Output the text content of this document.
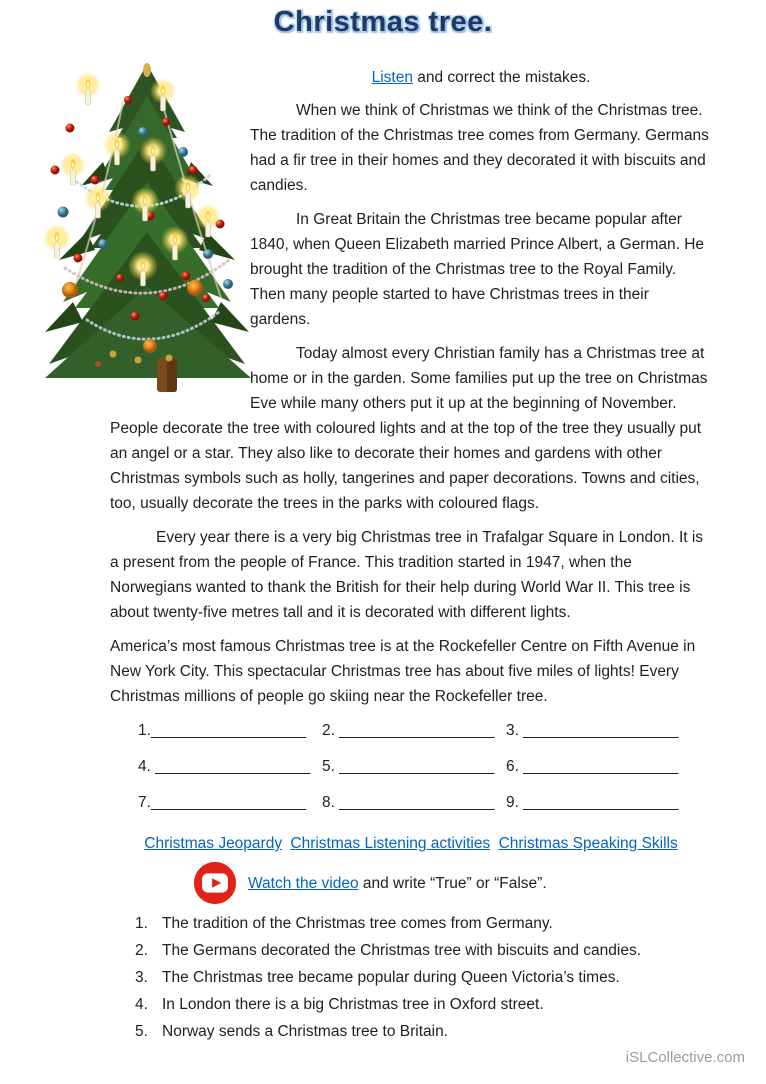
Christmas tree.

Listen and correct the mistakes.

When we think of Christmas we think of the Christmas tree. The tradition of the Christmas tree comes from Germany. Germans had a fir tree in their homes and they decorated it with biscuits and candies.

In Great Britain the Christmas tree became popular after 1840, when Queen Elizabeth married Prince Albert, a German. He brought the tradition of the Christmas tree to the Royal Family. Then many people started to have Christmas trees in their gardens.

Today almost every Christian family has a Christmas tree at home or in the garden. Some families put up the tree on Christmas Eve while many others put it up at the beginning of November. People decorate the tree with coloured lights and at the top of the tree they usually put an angel or a star. They also like to decorate their homes and gardens with other Christmas symbols such as holly, tangerines and paper decorations. Towns and cities, too, usually decorate the trees in the parks with coloured flags.

Every year there is a very big Christmas tree in Trafalgar Square in London. It is a present from the people of France. This tradition started in 1947, when the Norwegians wanted to thank the British for their help during World War II. This tree is about twenty-five metres tall and it is decorated with different lights.

America’s most famous Christmas tree is at the Rockefeller Centre on Fifth Avenue in New York City. This spectacular Christmas tree has about five miles of lights! Every Christmas millions of people go skiing near the Rockefeller tree.

1.__________________	2. __________________ 3. __________________
4. __________________ 5. __________________ 6. __________________
7.__________________	8. __________________ 9. __________________
Christmas Jeopardy Christmas Listening activities Christmas Speaking Skills
Watch the video and write “True” or “False”.
1. The tradition of the Christmas tree comes from Germany.
2. The Germans decorated the Christmas tree with biscuits and candies.
3. The Christmas tree became popular during Queen Victoria’s times.
4. In London there is a big Christmas tree in Oxford street.
5. Norway sends a Christmas tree to Britain.
iSLCollective.com
